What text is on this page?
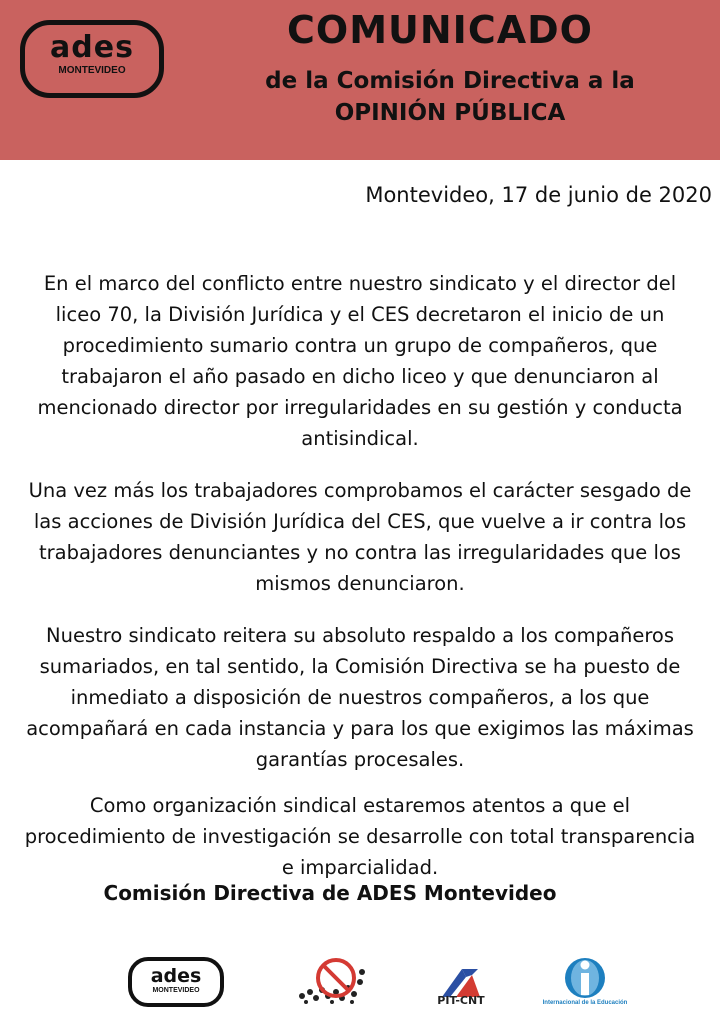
ades
MONTEVIDEO
COMUNICADO
de la Comisión Directiva a la
OPINIÓN PÚBLICA
Montevideo, 17 de junio de 2020

En el marco del conflicto entre nuestro sindicato y el director del liceo 70, la División Jurídica y el CES decretaron el inicio de un procedimiento sumario contra un grupo de compañeros, que trabajaron el año pasado en dicho liceo y que denunciaron al mencionado director por irregularidades en su gestión y conducta antisindical.

Una vez más los trabajadores comprobamos el carácter sesgado de las acciones de División Jurídica del CES, que vuelve a ir contra los trabajadores denunciantes y no contra las irregularidades que los mismos denunciaron.

Nuestro sindicato reitera su absoluto respaldo a los compañeros sumariados, en tal sentido, la Comisión Directiva se ha puesto de inmediato a disposición de nuestros compañeros, a los que acompañará en cada instancia y para los que exigimos las máximas garantías procesales.

Como organización sindical estaremos atentos a que el procedimiento de investigación se desarrolle con total transparencia e imparcialidad.

Comisión Directiva de ADES Montevideo
ades
MONTEVIDEO
PIT-CNT	Internacional de la Educación
